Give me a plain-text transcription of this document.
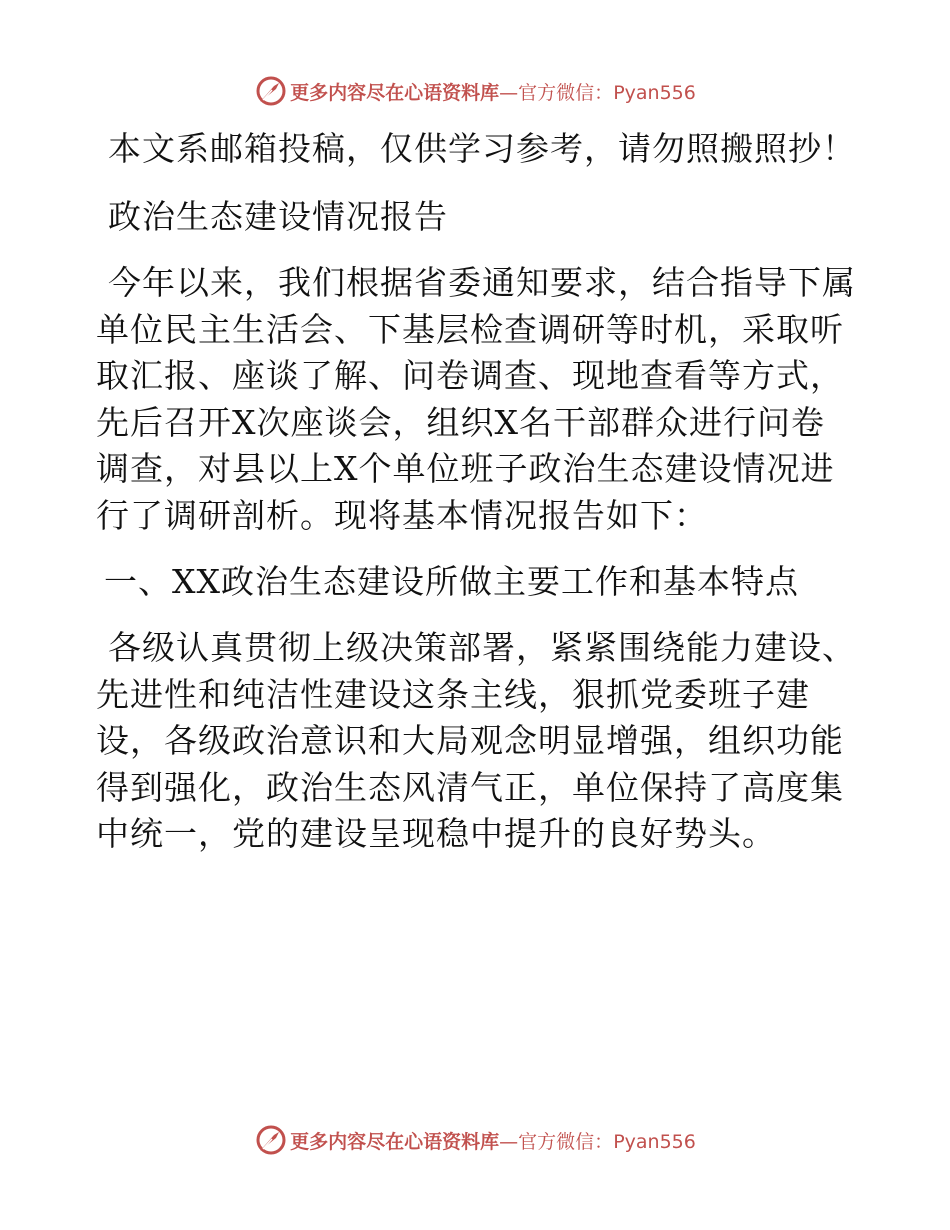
更多内容尽在心语资料库—官方微信：Pyan556

本文系邮箱投稿，仅供学习参考，请勿照搬照抄！

政治生态建设情况报告

今年以来，我们根据省委通知要求，结合指导下属单位民主生活会、下基层检查调研等时机，采取听取汇报、座谈了解、问卷调查、现地查看等方式，先后召开X次座谈会，组织X名干部群众进行问卷调查，对县以上X个单位班子政治生态建设情况进行了调研剖析。现将基本情况报告如下：

一、XX政治生态建设所做主要工作和基本特点

各级认真贯彻上级决策部署，紧紧围绕能力建设、先进性和纯洁性建设这条主线，狠抓党委班子建设，各级政治意识和大局观念明显增强，组织功能得到强化，政治生态风清气正，单位保持了高度集中统一，党的建设呈现稳中提升的良好势头。

更多内容尽在心语资料库—官方微信：Pyan556
